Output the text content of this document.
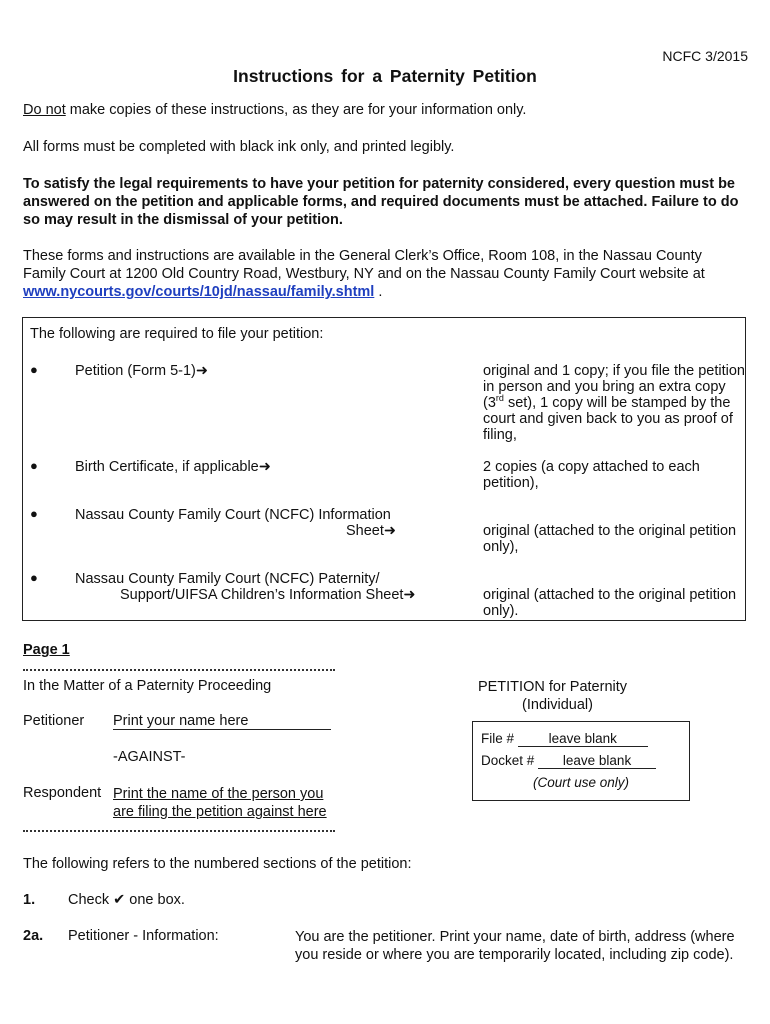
NCFC 3/2015
Instructions for a Paternity Petition
Do not make copies of these instructions, as they are for your information only.
All forms must be completed with black ink only, and printed legibly.
To satisfy the legal requirements to have your petition for paternity considered, every question must be answered on the petition and applicable forms, and required documents must be attached. Failure to do so may result in the dismissal of your petition.
These forms and instructions are available in the General Clerk’s Office, Room 108, in the Nassau County Family Court at 1200 Old Country Road, Westbury, NY and on the Nassau County Family Court website at www.nycourts.gov/courts/10jd/nassau/family.shtml .
The following are required to file your petition:
●	Petition (Form 5-1)➜	original and 1 copy; if you file the petition in person and you bring an extra copy (3rd set), 1 copy will be stamped by the court and given back to you as proof of filing,
●	Birth Certificate, if applicable➜	2 copies (a copy attached to each petition),
●	Nassau County Family Court (NCFC) Information
Sheet➜	original (attached to the original petition only),
●	Nassau County Family Court (NCFC) Paternity/
Support/UIFSA Children’s Information Sheet➜	original (attached to the original petition only).
Page 1
In the Matter of a Paternity Proceeding
Petitioner Print your name here
-AGAINST-
Respondent Print the name of the person you
are filing the petition against here
PETITION for Paternity
(Individual)
File #	leave blank
Docket # leave blank
(Court use only)
The following refers to the numbered sections of the petition:
1. Check ✔ one box.
2a. Petitioner - Information:	You are the petitioner. Print your name, date of birth, address (where you reside or where you are temporarily located, including zip code).
